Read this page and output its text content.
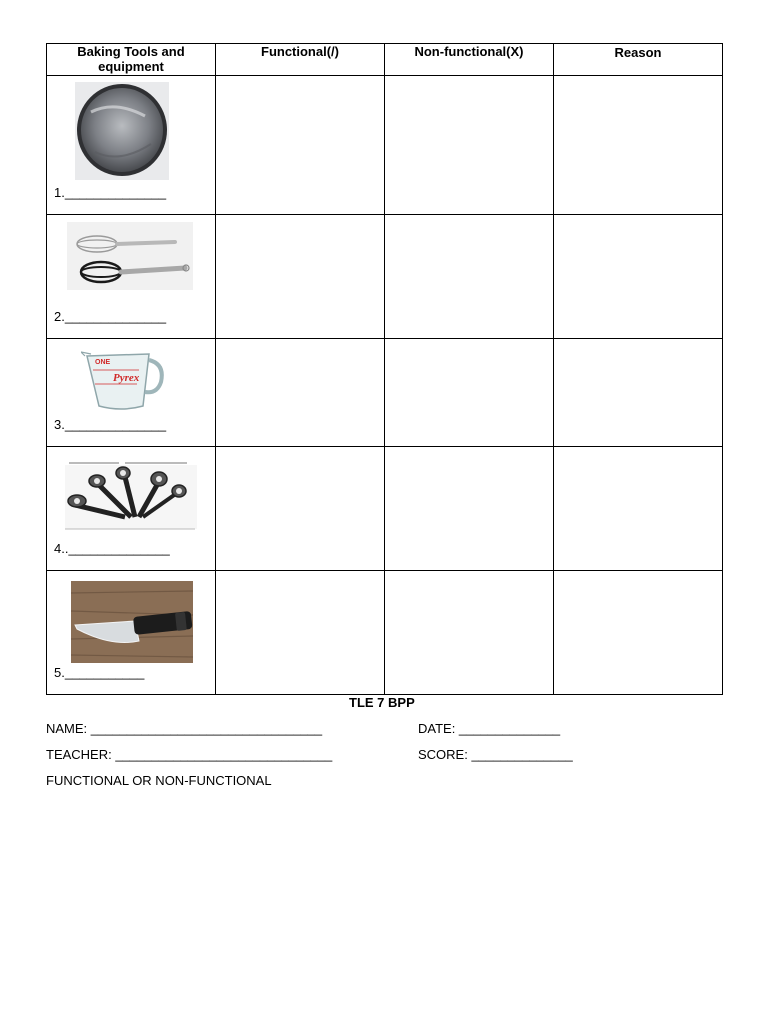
Baking Tools and equipment	Functional(/)	Non-functional(X)	Reason

1.______________			

2.______________			

ONE
Pyrex
3.______________			

4..______________			

5.___________			

TLE 7 BPP
NAME: ________________________________	DATE: ______________
TEACHER: ______________________________	SCORE: ______________
FUNCTIONAL OR NON-FUNCTIONAL
